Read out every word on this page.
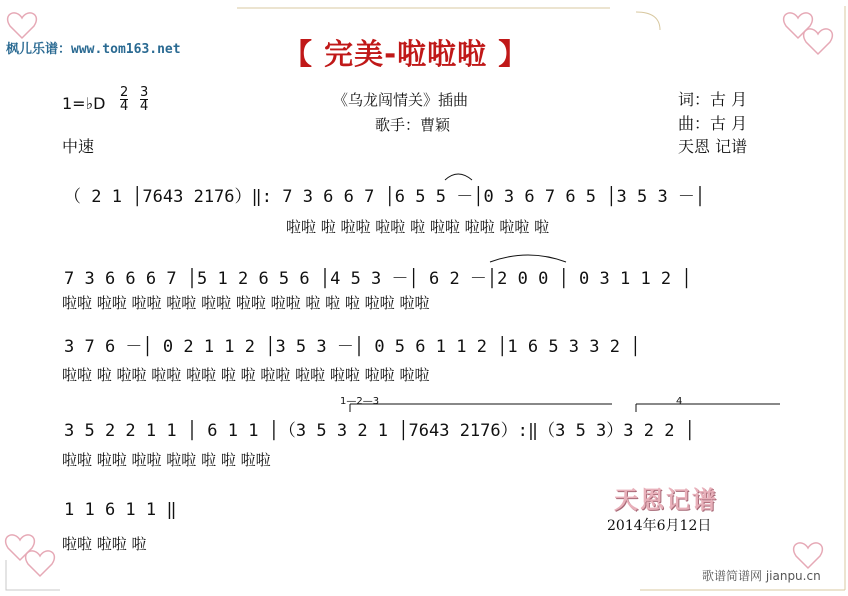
枫儿乐谱：www.tom163.net	【 完美-啦啦啦 】
1=♭D
2
4
3
4
中速
《乌龙闯情关》插曲
歌手：曹颖
词：古 月
曲：古 月
天恩 记谱
（ 2 1 │7643 2176）‖: 7 3 6 6 7 │6 5 5 －│0 3 6 7 6 5 │3 5 3 －│
啦啦 啦 啦啦 啦啦 啦 啦啦 啦啦 啦啦 啦
7 3 6 6 6 7 │5 1 2 6 5 6 │4 5 3 －│ 6 2 －│2 0 0 │ 0 3 1 1 2 │
啦啦 啦啦 啦啦 啦啦 啦啦 啦啦 啦啦 啦 啦 啦 啦啦 啦啦
3 7 6 －│ 0 2 1 1 2 │3 5 3 －│ 0 5 6 1 1 2 │1 6 5 3 3 2 │
啦啦 啦 啦啦 啦啦 啦啦 啦 啦 啦啦 啦啦 啦啦 啦啦 啦啦
1—2—3	4
3 5 2 2 1 1 │ 6 1 1 │（3 5 3 2 1 │7643 2176）:‖（3 5 3）3 2 2 │
啦啦 啦啦 啦啦 啦啦 啦 啦 啦啦
1 1 6 1 1 ‖
啦啦 啦啦 啦
天恩记谱
2014年6月12日
歌谱简谱网 jianpu.cn
